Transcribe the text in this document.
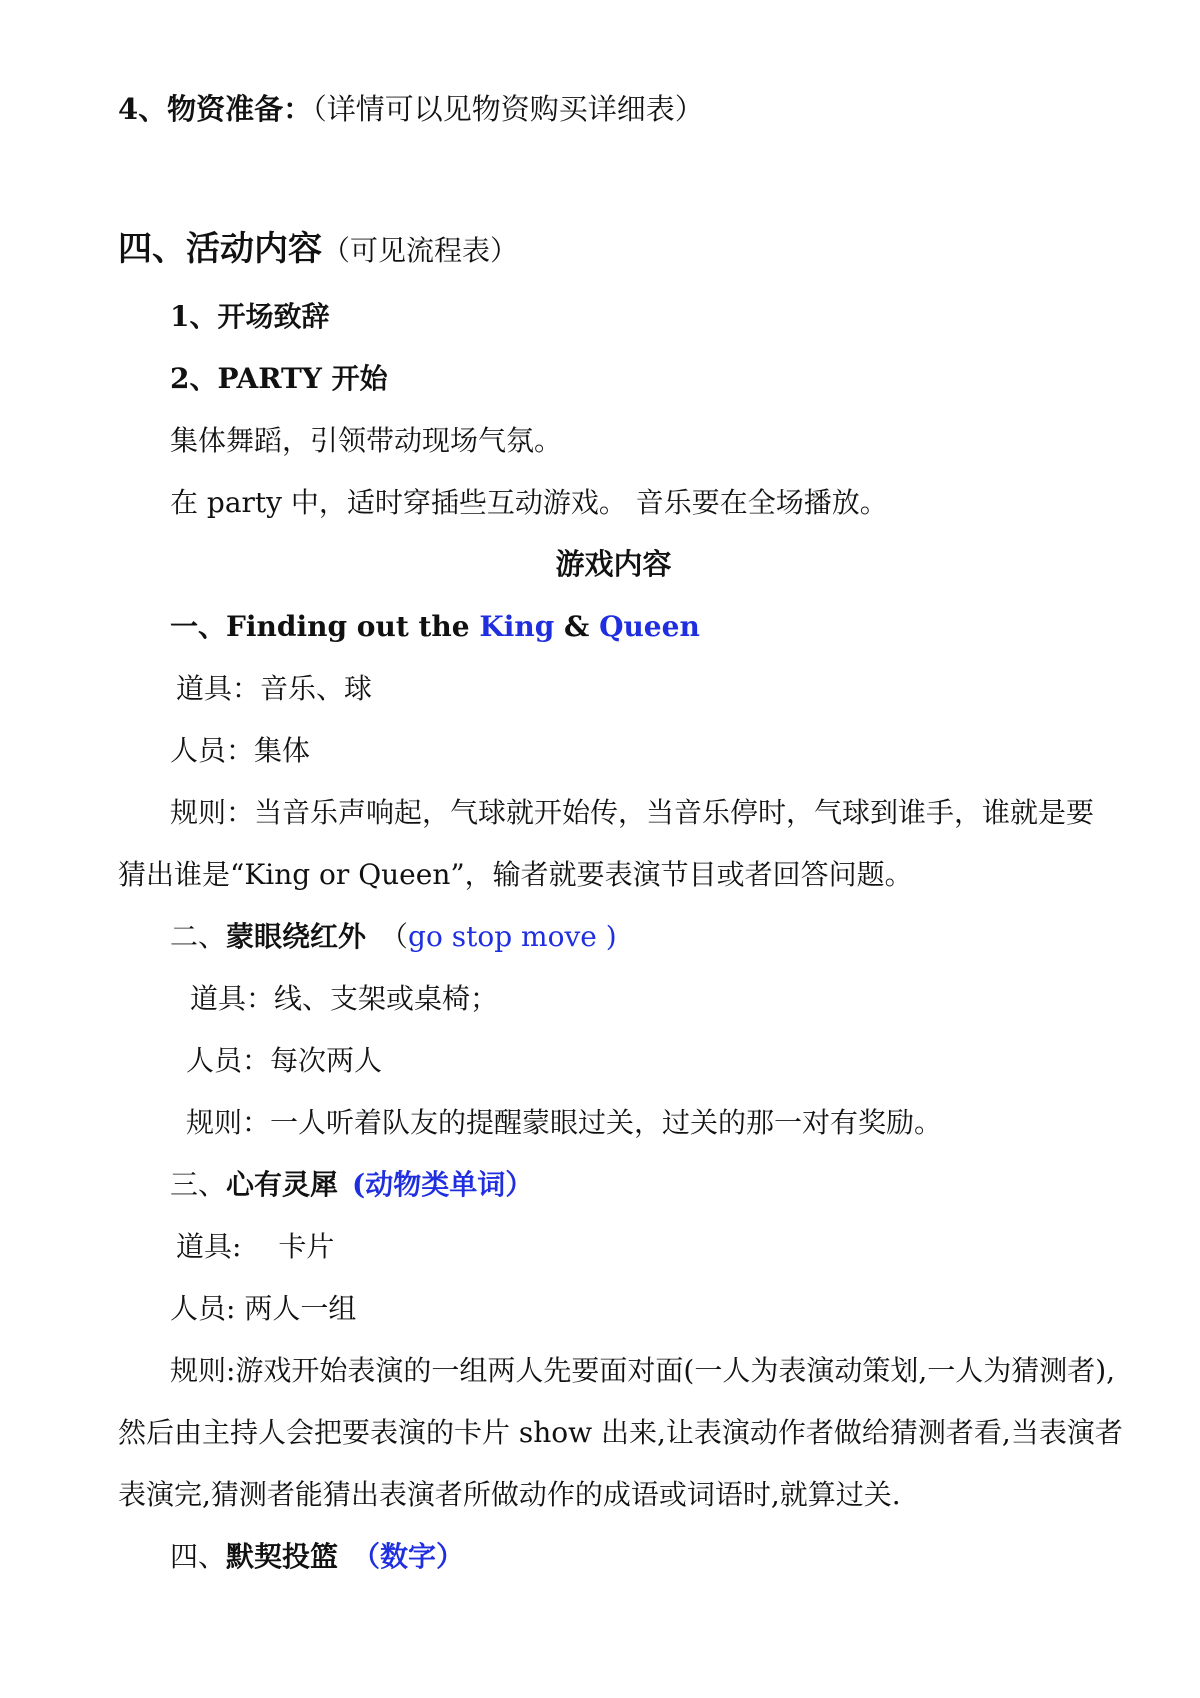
4、物资准备：（详情可以见物资购买详细表）
四、活动内容（可见流程表）
1、开场致辞
2、PARTY 开始
集体舞蹈，引领带动现场气氛。
在 party 中，适时穿插些互动游戏。 音乐要在全场播放。
游戏内容
一、Finding out the King & Queen
道具：音乐、球
人员：集体
规则：当音乐声响起，气球就开始传，当音乐停时，气球到谁手，谁就是要
猜出谁是“King or Queen”，输者就要表演节目或者回答问题。
二、蒙眼绕红外 （go stop move )
道具：线、支架或桌椅；
人员：每次两人
规则：一人听着队友的提醒蒙眼过关，过关的那一对有奖励。
三、心有灵犀 (动物类单词）
道具:　 卡片
人员: 两人一组
规则:游戏开始表演的一组两人先要面对面(一人为表演动策划,一人为猜测者),
然后由主持人会把要表演的卡片 show 出来,让表演动作者做给猜测者看,当表演者
表演完,猜测者能猜出表演者所做动作的成语或词语时,就算过关.
四、默契投篮 （数字）
